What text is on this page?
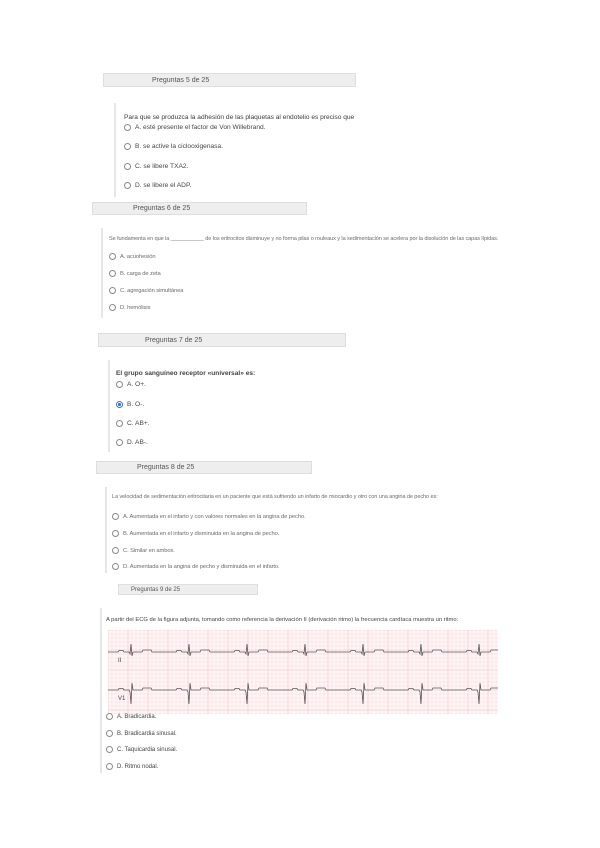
Preguntas 5 de 25
Para que se produzca la adhesión de las plaquetas al endotelio es preciso que
A. esté presente el factor de Von Willebrand.
B. se active la ciclooxigenasa.
C. se libere TXA2.
D. se libere el ADP.
Preguntas 6 de 25
Se fundamenta en que la ___________ de los eritrocitos disminuye y no forma pilas o rouleaux y la sedimentación se acelera por la disolución de las capas lípidas.
A. acuohesión
B. carga de zeta
C. agregación simultánea
D. hemólisis
Preguntas 7 de 25
El grupo sanguíneo receptor «universal» es:
A. O+.
B. O-.
C. AB+.
D. AB-.
Preguntas 8 de 25
La velocidad de sedimentación eritrocitaria en un paciente que está sufriendo un infarto de miocardio y otro con una angina de pecho es:
A. Aumentada en el infarto y con valores normales en la angina de pecho.
B. Aumentada en el infarto y disminuida en la angina de pecho.
C. Similar en ambos.
D. Aumentada en la angina de pecho y disminuida en el infarto.
Preguntas 9 de 25
A partir del ECG de la figura adjunta, tomando como referencia la derivación II (derivación ritmo) la frecuencia cardíaca muestra un ritmo:
II
V1
A. Bradicardia.
B. Bradicardia sinusal.
C. Taquicardia sinusal.
D. Ritmo nodal.
